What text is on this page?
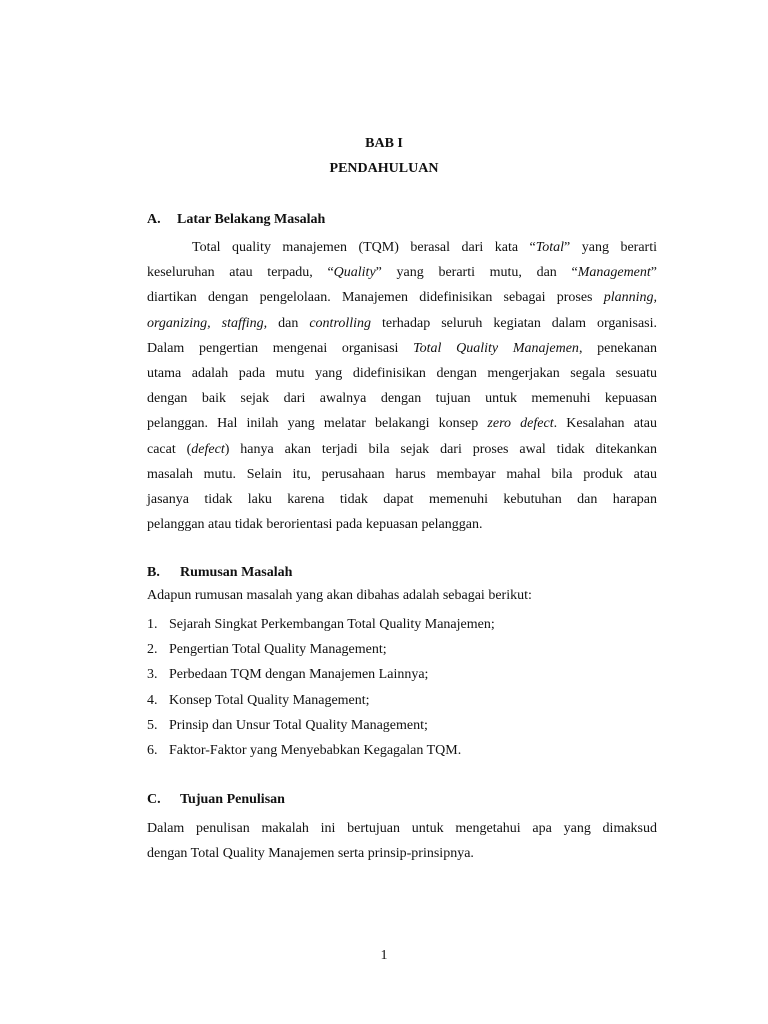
BAB I
PENDAHULUAN
A. Latar Belakang Masalah
Total quality manajemen (TQM) berasal dari kata “Total” yang berarti
keseluruhan atau terpadu, “Quality” yang berarti mutu, dan “Management”
diartikan dengan pengelolaan. Manajemen didefinisikan sebagai proses planning,
organizing, staffing, dan controlling terhadap seluruh kegiatan dalam organisasi.
Dalam pengertian mengenai organisasi Total Quality Manajemen, penekanan
utama adalah pada mutu yang didefinisikan dengan mengerjakan segala sesuatu
dengan baik sejak dari awalnya dengan tujuan untuk memenuhi kepuasan
pelanggan. Hal inilah yang melatar belakangi konsep zero defect. Kesalahan atau
cacat (defect) hanya akan terjadi bila sejak dari proses awal tidak ditekankan
masalah mutu. Selain itu, perusahaan harus membayar mahal bila produk atau
jasanya tidak laku karena tidak dapat memenuhi kebutuhan dan harapan
pelanggan atau tidak berorientasi pada kepuasan pelanggan.
B. Rumusan Masalah
Adapun rumusan masalah yang akan dibahas adalah sebagai berikut:
1. Sejarah Singkat Perkembangan Total Quality Manajemen;
2. Pengertian Total Quality Management;
3. Perbedaan TQM dengan Manajemen Lainnya;
4. Konsep Total Quality Management;
5. Prinsip dan Unsur Total Quality Management;
6. Faktor-Faktor yang Menyebabkan Kegagalan TQM.
C. Tujuan Penulisan
Dalam penulisan makalah ini bertujuan untuk mengetahui apa yang dimaksud
dengan Total Quality Manajemen serta prinsip-prinsipnya.
1
